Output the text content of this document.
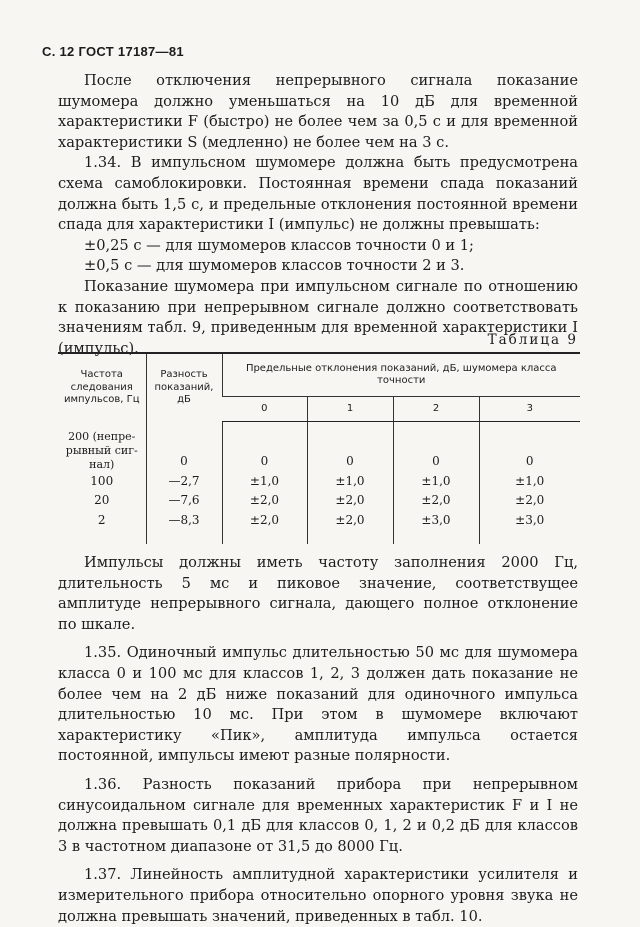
С. 12 ГОСТ 17187—81

После отключения непрерывного сигнала показание шумомера должно уменьшаться на 10 дБ для временной характеристики F (быстро) не более чем за 0,5 с и для временной характеристики S (медленно) не более чем на 3 с.

1.34. В импульсном шумомере должна быть предусмотрена схема самоблокировки. Постоянная времени спада показаний должна быть 1,5 с, и предельные отклонения постоянной времени спада для характеристики I (импульс) не должны превышать:

±0,25 с — для шумомеров классов точности 0 и 1;

±0,5 с — для шумомеров классов точности 2 и 3.

Показание шумомера при импульсном сигнале по отношению к показанию при непрерывном сигнале должно соответствовать значениям табл. 9, приведенным для временной характеристики I (импульс).	Таблица 9
Частота следования импульсов, Гц	Разность показаний, дБ	Предельные отклонения показаний, дБ, шумомера класса точности			
		0	1	2	3

200 (непре-рывный сиг-нал)	0	0	0	0	0
100	—2,7	±1,0	±1,0	±1,0	±1,0
20	—7,6	±2,0	±2,0	±2,0	±2,0
2	—8,3	±2,0	±2,0	±3,0	±3,0

Импульсы должны иметь частоту заполнения 2000 Гц, длительность 5 мс и пиковое значение, соответствущее амплитуде непрерывного сигнала, дающего полное отклонение по шкале.

1.35. Одиночный импульс длительностью 50 мс для шумомера класса 0 и 100 мс для классов 1, 2, 3 должен дать показание не более чем на 2 дБ ниже показаний для одиночного импульса длительностью 10 мс. При этом в шумомере включают характеристику «Пик», амплитуда импульса остается постоянной, импульсы имеют разные полярности.

1.36. Разность показаний прибора при непрерывном синусоидальном сигнале для временных характеристик F и I не должна превышать 0,1 дБ для классов 0, 1, 2 и 0,2 дБ для классов 3 в частотном диапазоне от 31,5 до 8000 Гц.

1.37. Линейность амплитудной характеристики усилителя и измерительного прибора относительно опорного уровня звука не должна превышать значений, приведенных в табл. 10.
